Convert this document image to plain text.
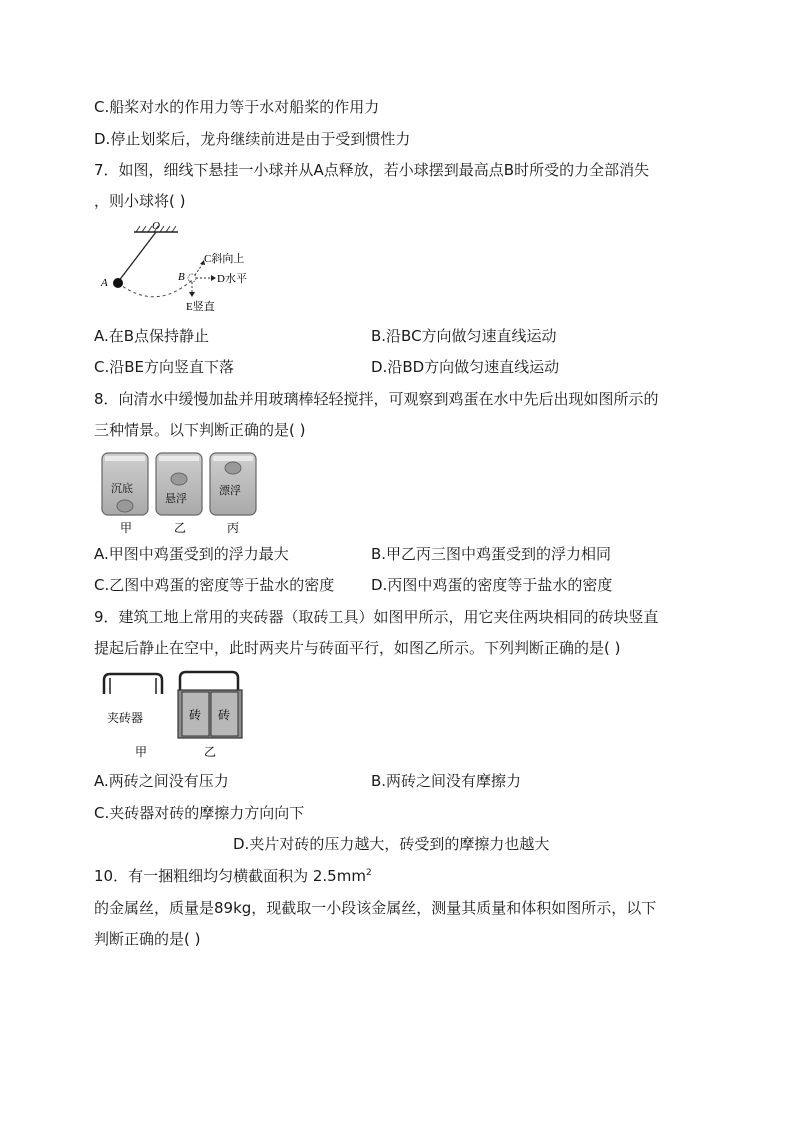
C.船桨对水的作用力等于水对船桨的作用力
D.停止划桨后，龙舟继续前进是由于受到惯性力
7．如图，细线下悬挂一小球并从A点释放，若小球摆到最高点B时所受的力全部消失
，则小球将( )
O
A	B
C斜向上
D水平
E竖直
A.在B点保持静止	B.沿BC方向做匀速直线运动
C.沿BE方向竖直下落	D.沿BD方向做匀速直线运动
8．向清水中缓慢加盐并用玻璃棒轻轻搅拌，可观察到鸡蛋在水中先后出现如图所示的
三种情景。以下判断正确的是( )
沉底
悬浮
漂浮
甲	乙	丙
A.甲图中鸡蛋受到的浮力最大	B.甲乙丙三图中鸡蛋受到的浮力相同
C.乙图中鸡蛋的密度等于盐水的密度 D.丙图中鸡蛋的密度等于盐水的密度
9．建筑工地上常用的夹砖器（取砖工具）如图甲所示，用它夹住两块相同的砖块竖直
提起后静止在空中，此时两夹片与砖面平行，如图乙所示。下列判断正确的是( )
夹砖器	砖 砖
甲	乙
A.两砖之间没有压力	B.两砖之间没有摩擦力
C.夹砖器对砖的摩擦力方向向下
D.夹片对砖的压力越大，砖受到的摩擦力也越大
10．有一捆粗细均匀横截面积为 $2.5mm^2$
的金属丝，质量是89kg，现截取一小段该金属丝，测量其质量和体积如图所示，以下
判断正确的是( )
